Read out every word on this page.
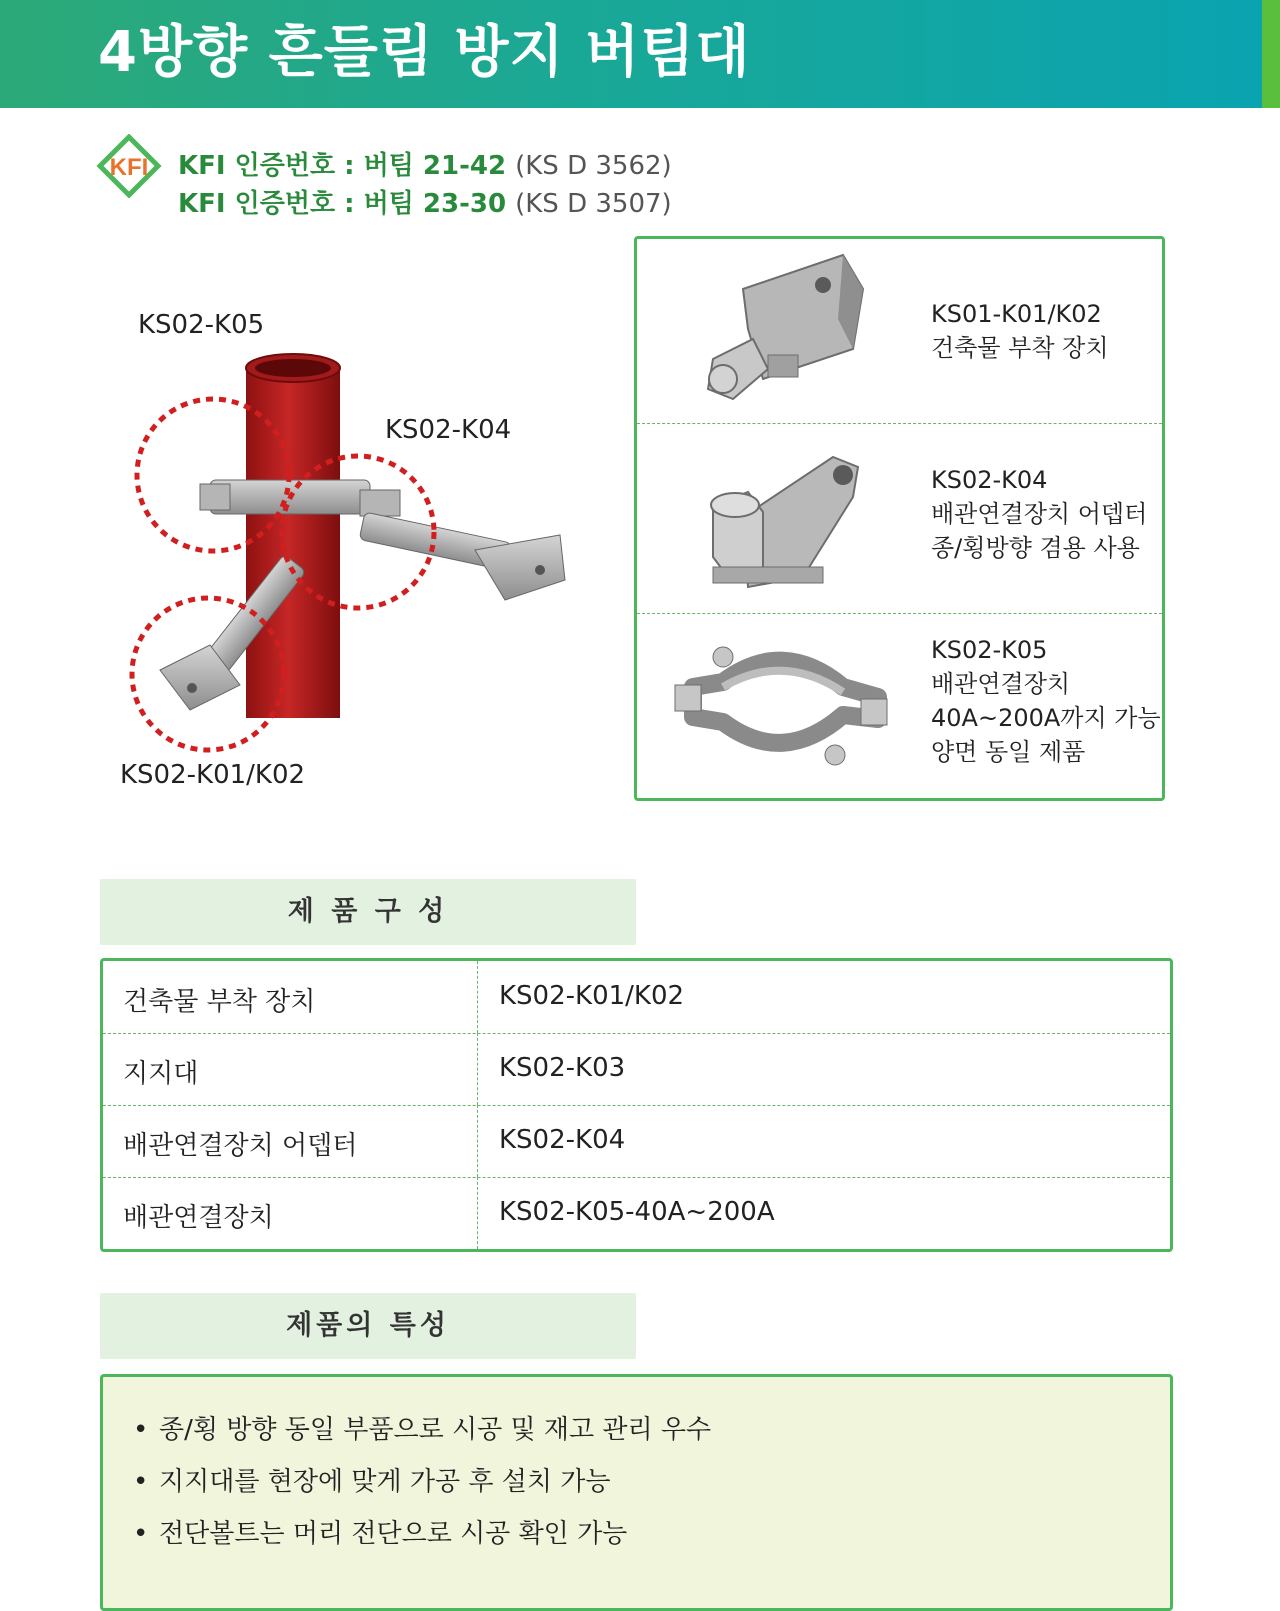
4방향 흔들림 방지 버팀대
KFI KFI 인증번호 : 버팀 21-42 (KS D 3562)
KFI 인증번호 : 버팀 23-30 (KS D 3507)
KS02-K05
KS02-K04
KS02-K01/K02
KS01-K01/K02
건축물 부착 장치
KS02-K04
배관연결장치 어뎁터
종/횡방향 겸용 사용
KS02-K05
배관연결장치
40A~200A까지 가능
양면 동일 제품
제 품 구 성
건축물 부착 장치	KS02-K01/K02
지지대	KS02-K03
배관연결장치 어뎁터	KS02-K04
배관연결장치	KS02-K05-40A~200A
제품의 특성
• 종/횡 방향 동일 부품으로 시공 및 재고 관리 우수
• 지지대를 현장에 맞게 가공 후 설치 가능
• 전단볼트는 머리 전단으로 시공 확인 가능
